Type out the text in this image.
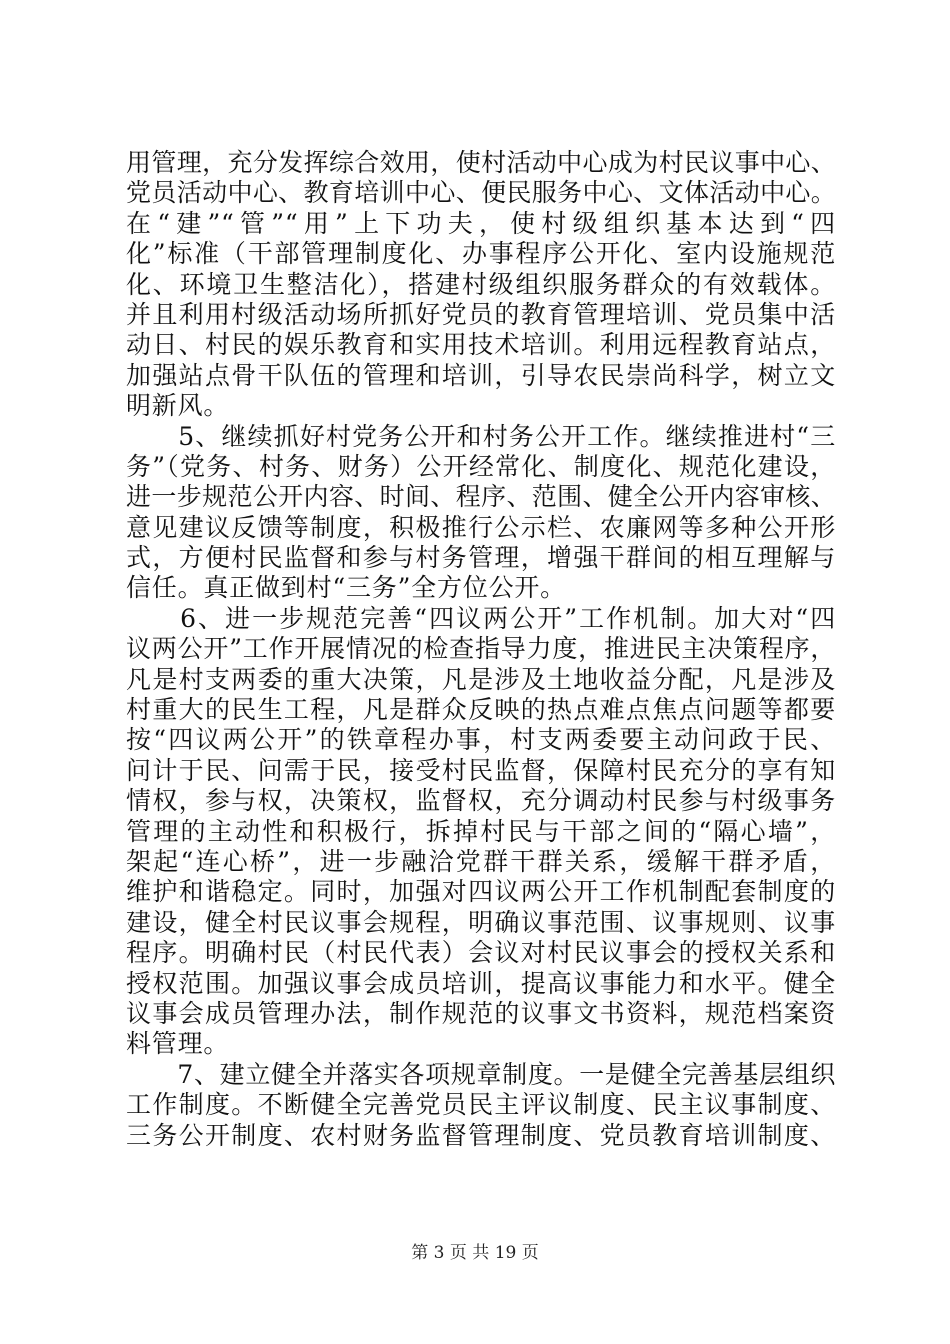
用管理，充分发挥综合效用，使村活动中心成为村民议事中心、
党员活动中心、教育培训中心、便民服务中心、文体活动中心。
在“建”“管”“用”上下功夫，使村级组织基本达到“四
化”标准（干部管理制度化、办事程序公开化、室内设施规范
化、环境卫生整洁化），搭建村级组织服务群众的有效载体。
并且利用村级活动场所抓好党员的教育管理培训、党员集中活
动日、村民的娱乐教育和实用技术培训。利用远程教育站点，
加强站点骨干队伍的管理和培训，引导农民崇尚科学，树立文
明新风。
　　5、继续抓好村党务公开和村务公开工作。继续推进村“三
务”（党务、村务、财务）公开经常化、制度化、规范化建设，
进一步规范公开内容、时间、程序、范围、健全公开内容审核、
意见建议反馈等制度，积极推行公示栏、农廉网等多种公开形
式，方便村民监督和参与村务管理，增强干群间的相互理解与
信任。真正做到村“三务”全方位公开。
　　6、进一步规范完善“四议两公开”工作机制。加大对“四
议两公开”工作开展情况的检查指导力度，推进民主决策程序，
凡是村支两委的重大决策，凡是涉及土地收益分配，凡是涉及
村重大的民生工程，凡是群众反映的热点难点焦点问题等都要
按“四议两公开”的铁章程办事，村支两委要主动问政于民、
问计于民、问需于民，接受村民监督，保障村民充分的享有知
情权，参与权，决策权，监督权，充分调动村民参与村级事务
管理的主动性和积极行，拆掉村民与干部之间的“隔心墙”，
架起“连心桥”，进一步融洽党群干群关系，缓解干群矛盾，
维护和谐稳定。同时，加强对四议两公开工作机制配套制度的
建设，健全村民议事会规程，明确议事范围、议事规则、议事
程序。明确村民（村民代表）会议对村民议事会的授权关系和
授权范围。加强议事会成员培训，提高议事能力和水平。健全
议事会成员管理办法，制作规范的议事文书资料，规范档案资
料管理。
　　7、建立健全并落实各项规章制度。一是健全完善基层组织
工作制度。不断健全完善党员民主评议制度、民主议事制度、
三务公开制度、农村财务监督管理制度、党员教育培训制度、
第 3 页 共 19 页
